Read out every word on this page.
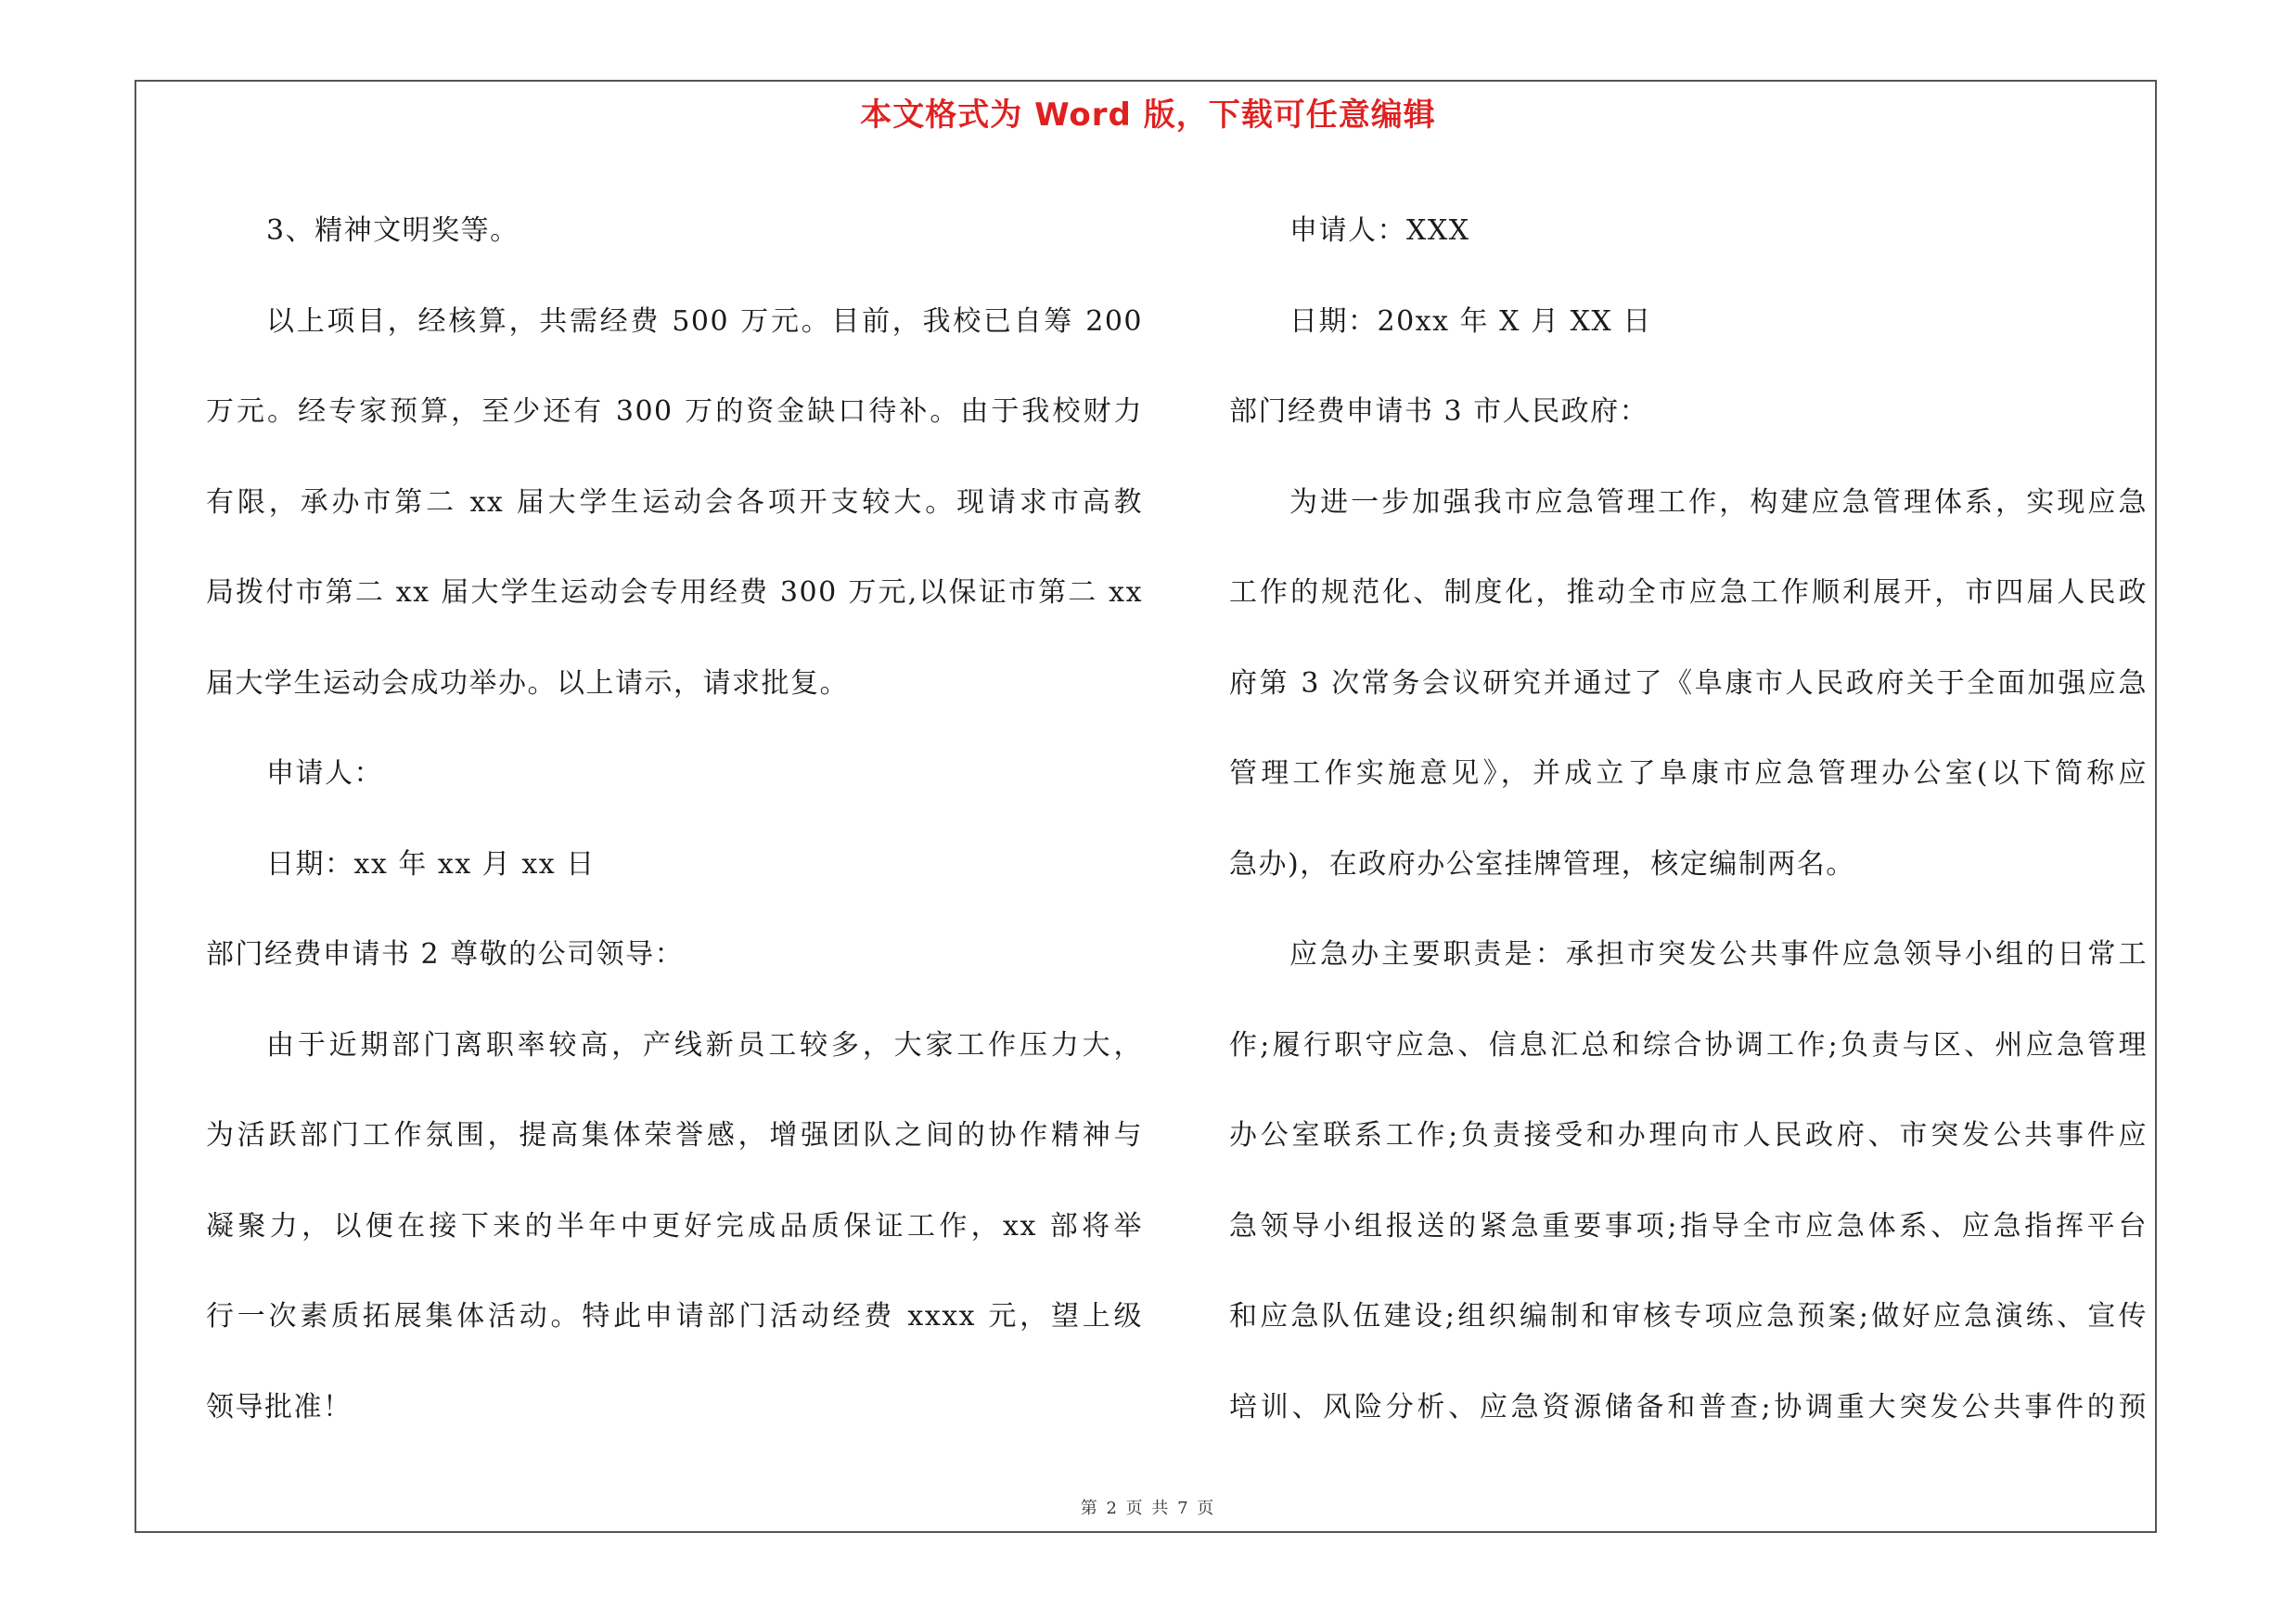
本文格式为 Word 版，下载可任意编辑
3、精神文明奖等。
以上项目，经核算，共需经费 500 万元。目前，我校已自筹 200
万元。经专家预算，至少还有 300 万的资金缺口待补。由于我校财力
有限，承办市第二 xx 届大学生运动会各项开支较大。现请求市高教
局拨付市第二 xx 届大学生运动会专用经费 300 万元,以保证市第二 xx
届大学生运动会成功举办。以上请示，请求批复。
申请人：
日期：xx 年 xx 月 xx 日
部门经费申请书 2 尊敬的公司领导：
由于近期部门离职率较高，产线新员工较多，大家工作压力大，
为活跃部门工作氛围，提高集体荣誉感，增强团队之间的协作精神与
凝聚力，以便在接下来的半年中更好完成品质保证工作，xx 部将举
行一次素质拓展集体活动。特此申请部门活动经费 xxxx 元，望上级
领导批准！
申请人：XXX
日期：20xx 年 X 月 XX 日
部门经费申请书 3 市人民政府：
为进一步加强我市应急管理工作，构建应急管理体系，实现应急
工作的规范化、制度化，推动全市应急工作顺利展开，市四届人民政
府第 3 次常务会议研究并通过了《阜康市人民政府关于全面加强应急
管理工作实施意见》，并成立了阜康市应急管理办公室(以下简称应
急办)，在政府办公室挂牌管理，核定编制两名。
应急办主要职责是：承担市突发公共事件应急领导小组的日常工
作;履行职守应急、信息汇总和综合协调工作;负责与区、州应急管理
办公室联系工作;负责接受和办理向市人民政府、市突发公共事件应
急领导小组报送的紧急重要事项;指导全市应急体系、应急指挥平台
和应急队伍建设;组织编制和审核专项应急预案;做好应急演练、宣传
培训、风险分析、应急资源储备和普查;协调重大突发公共事件的预
第 2 页 共 7 页
